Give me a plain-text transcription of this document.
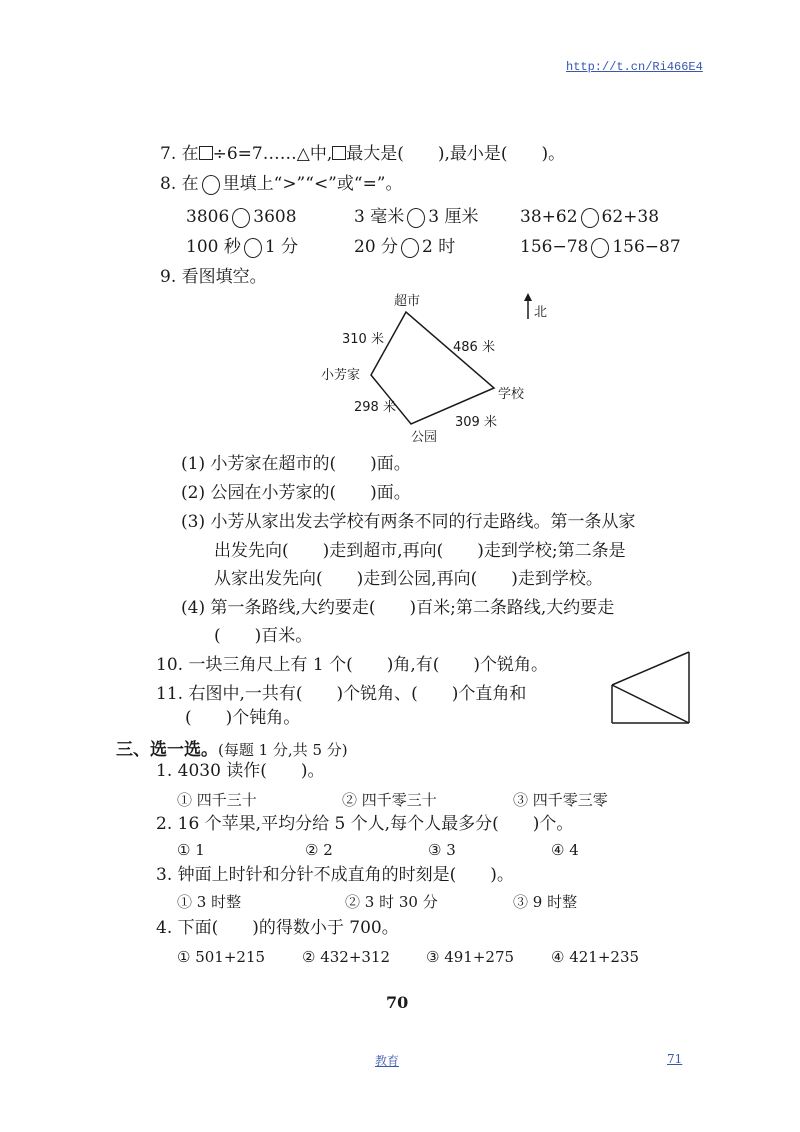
http://t.cn/Ri466E4
7. 在 ÷6=7……△中, 最大是(　　),最小是(　　)。
8. 在 里填上“>”“<”或“=”。
3806 3608	3 毫米 3 厘米 38+62 62+38
100 秒 1 分	20 分 2 时	156−78 156−87
9. 看图填空。
超市
小芳家
学校
公园
北
310 米
486 米
298 米
309 米
(1) 小芳家在超市的(　　)面。
(2) 公园在小芳家的(　　)面。
(3) 小芳从家出发去学校有两条不同的行走路线。第一条从家
出发先向(　　)走到超市,再向(　　)走到学校;第二条是
从家出发先向(　　)走到公园,再向(　　)走到学校。
(4) 第一条路线,大约要走(　　)百米;第二条路线,大约要走
(　　)百米。
10. 一块三角尺上有 1 个(　　)角,有(　　)个锐角。
11. 右图中,一共有(　　)个锐角、(　　)个直角和
(　　)个钝角。
三、选一选。(每题 1 分,共 5 分)
1. 4030 读作(　　)。
① 四千三十	② 四千零三十	③ 四千零三零
2. 16 个苹果,平均分给 5 个人,每个人最多分(　　)个。
① 1	② 2	③ 3	④ 4
3. 钟面上时针和分针不成直角的时刻是(　　)。
① 3 时整	② 3 时 30 分	③ 9 时整
4. 下面(　　)的得数小于 700。
① 501+215 ② 432+312 ③ 491+275 ④ 421+235
70
教育	71
